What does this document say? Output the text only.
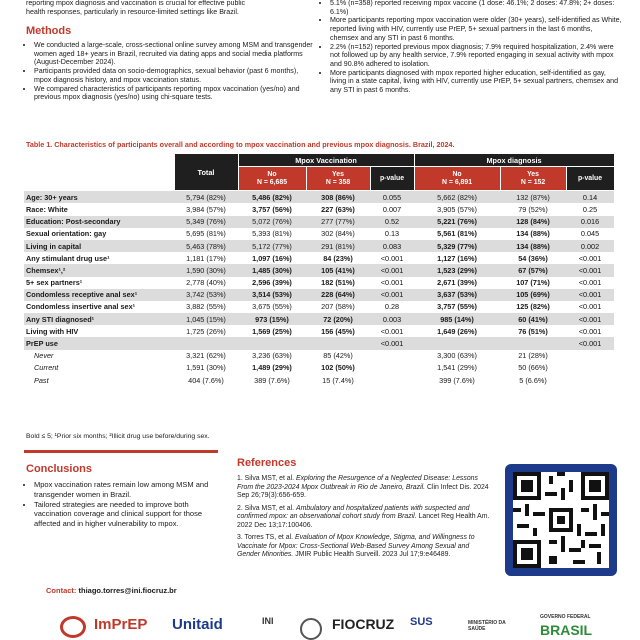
reporting mpox diagnosis and vaccination is crucial for effective public

health responses, particularly in resource-limited settings like Brazil.

Methods
• We conducted a large-scale, cross-sectional online survey among MSM and transgender women aged 18+ years in Brazil, recruited via dating apps and social media platforms (August-December 2024).
• Participants provided data on socio-demographics, sexual behavior (past 6 months), mpox diagnosis history, and mpox vaccination status.
• We compared characteristics of participants reporting mpox vaccination (yes/no) and previous mpox diagnosis (yes/no) using chi-square tests.
• 5.1% (n=358) reported receiving mpox vaccine (1 dose: 46.1%; 2 doses: 47.8%; 2+ doses: 6.1%)
• More participants reporting mpox vaccination were older (30+ years), self-identified as White, reported living with HIV, currently use PrEP, 5+ sexual partners in the last 6 months, chemsex and any STI in past 6 months.
• 2.2% (n=152) reported previous mpox diagnosis; 7.9% required hospitalization, 2.4% were not followed up by any health service, 7.9% reported engaging in sexual activity with mpox and 90.8% adhered to isolation.
• More participants diagnosed with mpox reported higher education, self-identified as gay, living in a state capital, living with HIV, currently use PrEP, 5+ sexual partners, chemsex and any STI in past 6 months.
Table 1. Characteristics of participants overall and according to mpox vaccination and previous mpox diagnosis. Brazil, 2024.
	Total	Mpox Vaccination			Mpox diagnosis		

		No
N = 6,685	Yes
N = 358	p-value	No
N = 6,891	Yes
N = 152	p-value
Age: 30+ years	5,794 (82%)	5,486 (82%)	308 (86%)	0.055	5,662 (82%)	132 (87%)	0.14
Race: White	3,984 (57%)	3,757 (56%)	227 (63%)	0.007	3,905 (57%)	79 (52%)	0.25
Education: Post-secondary	5,349 (76%)	5,072 (76%)	277 (77%)	0.52	5,221 (76%)	128 (84%)	0.016
Sexual orientation: gay	5,695 (81%)	5,393 (81%)	302 (84%)	0.13	5,561 (81%)	134 (88%)	0.045
Living in capital	5,463 (78%)	5,172 (77%)	291 (81%)	0.083	5,329 (77%)	134 (88%)	0.002
Any stimulant drug use¹	1,181 (17%)	1,097 (16%)	84 (23%)	<0.001	1,127 (16%)	54 (36%)	<0.001
Chemsex¹,²	1,590 (30%)	1,485 (30%)	105 (41%)	<0.001	1,523 (29%)	67 (57%)	<0.001
5+ sex partners¹	2,778 (40%)	2,596 (39%)	182 (51%)	<0.001	2,671 (39%)	107 (71%)	<0.001
Condomless receptive anal sex¹	3,742 (53%)	3,514 (53%)	228 (64%)	<0.001	3,637 (53%)	105 (69%)	<0.001
Condomless insertive anal sex¹	3,882 (55%)	3,675 (55%)	207 (58%)	0.28	3,757 (55%)	125 (82%)	<0.001
Any STI diagnosed¹	1,045 (15%)	973 (15%)	72 (20%)	0.003	985 (14%)	60 (41%)	<0.001
Living with HIV	1,725 (26%)	1,569 (25%)	156 (45%)	<0.001	1,649 (26%)	76 (51%)	<0.001
PrEP use				<0.001			<0.001
Never	3,321 (62%)	3,236 (63%)	85 (42%)		3,300 (63%)	21 (28%)	
Current	1,591 (30%)	1,489 (29%)	102 (50%)		1,541 (29%)	50 (66%)	
Past	404 (7.6%)	389 (7.6%)	15 (7.4%)		399 (7.6%)	5 (6.6%)	
Bold ≤ 5; ¹Prior six months; ²Illicit drug use before/during sex.
Conclusions
• Mpox vaccination rates remain low among MSM and transgender women in Brazil.
• Tailored strategies are needed to improve both vaccination coverage and clinical support for those affected and in higher vulnerability to mpox.
Contact: thiago.torres@ini.fiocruz.br
References

1. Silva MST, et al. Exploring the Resurgence of a Neglected Disease: Lessons From the 2023-2024 Mpox Outbreak in Rio de Janeiro, Brazil. Clin Infect Dis. 2024 Sep 26;79(3):656-659.

2. Silva MST, et al. Ambulatory and hospitalized patients with suspected and confirmed mpox: an observational cohort study from Brazil. Lancet Reg Health Am. 2022 Dec 13;17:100406.

3. Torres TS, et al. Evaluation of Mpox Knowledge, Stigma, and Willingness to Vaccinate for Mpox: Cross-Sectional Web-Based Survey Among Sexual and Gender Minorities. JMIR Public Health Surveill. 2023 Jul 17;9:e46489.

ImPrEP Unitaid	INI	FIOCRUZ SUS	MINISTÉRIO DA SAÚDE
GOVERNO FEDERAL
BRASIL
